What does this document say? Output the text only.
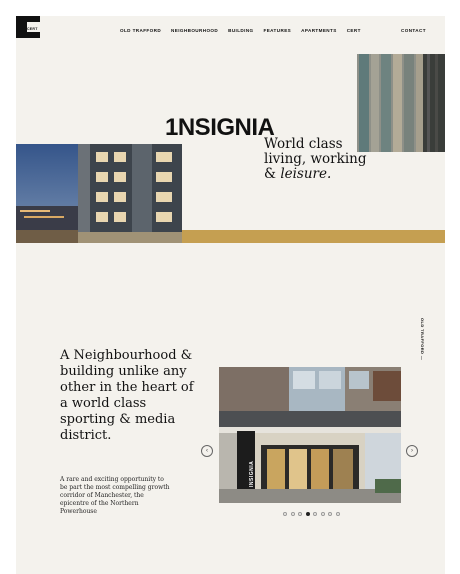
CERT	OLD TRAFFORD NEIGHBOURHOOD BUILDING FEATURES APARTMENTS CERT	CONTACT
1NSIGNIA
World class
living, working
& leisure.
OLD TRAFFORD —
A Neighbourhood & building unlike any other in the heart of a world class sporting & media district.
A rare and exciting opportunity to be part the most compelling growth corridor of Manchester, the epicentre of the Northern Powerhouse
‹
INSIGNIA
›
